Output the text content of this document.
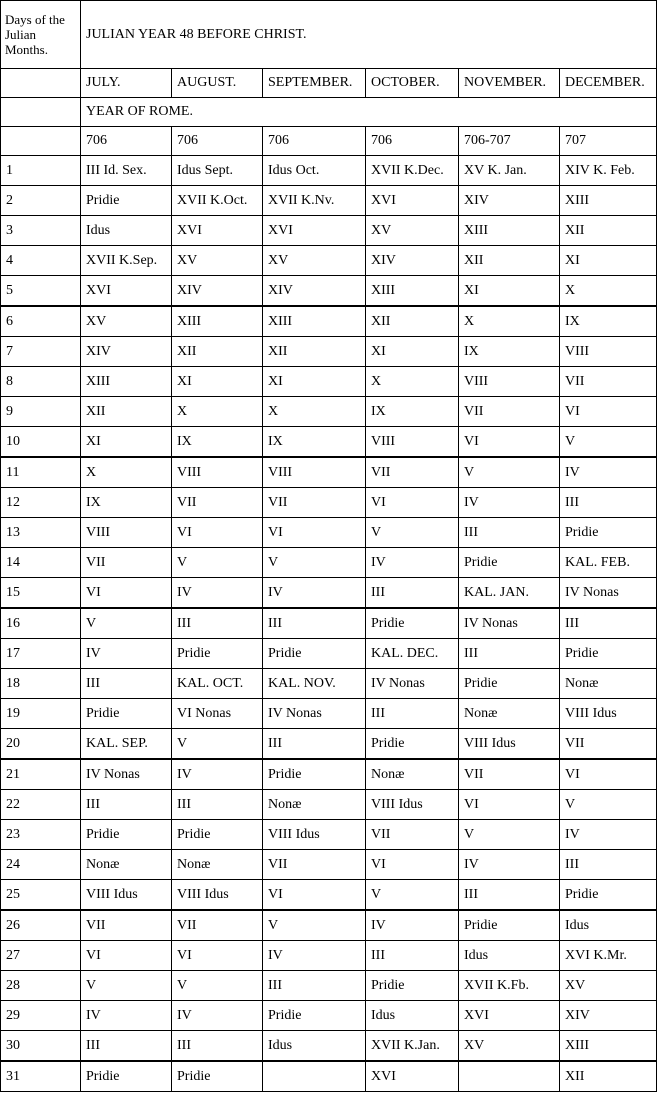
Days of the Julian Months.	JULIAN YEAR 48 BEFORE CHRIST.					
	JULY.	AUGUST.	SEPTEMBER.	OCTOBER.	NOVEMBER.	DECEMBER.
	YEAR OF ROME.					
	706	706	706	706	706-707	707
1	III Id. Sex.	Idus Sept.	Idus Oct.	XVII K.Dec.	XV K. Jan.	XIV K. Feb.
2	Pridie	XVII K.Oct.	XVII K.Nv.	XVI	XIV	XIII
3	Idus	XVI	XVI	XV	XIII	XII
4	XVII K.Sep.	XV	XV	XIV	XII	XI
5	XVI	XIV	XIV	XIII	XI	X
6	XV	XIII	XIII	XII	X	IX
7	XIV	XII	XII	XI	IX	VIII
8	XIII	XI	XI	X	VIII	VII
9	XII	X	X	IX	VII	VI
10	XI	IX	IX	VIII	VI	V
11	X	VIII	VIII	VII	V	IV
12	IX	VII	VII	VI	IV	III
13	VIII	VI	VI	V	III	Pridie
14	VII	V	V	IV	Pridie	KAL. FEB.
15	VI	IV	IV	III	KAL. JAN.	IV Nonas
16	V	III	III	Pridie	IV Nonas	III
17	IV	Pridie	Pridie	KAL. DEC.	III	Pridie
18	III	KAL. OCT.	KAL. NOV.	IV Nonas	Pridie	Nonæ
19	Pridie	VI Nonas	IV Nonas	III	Nonæ	VIII Idus
20	KAL. SEP.	V	III	Pridie	VIII Idus	VII
21	IV Nonas	IV	Pridie	Nonæ	VII	VI
22	III	III	Nonæ	VIII Idus	VI	V
23	Pridie	Pridie	VIII Idus	VII	V	IV
24	Nonæ	Nonæ	VII	VI	IV	III
25	VIII Idus	VIII Idus	VI	V	III	Pridie
26	VII	VII	V	IV	Pridie	Idus
27	VI	VI	IV	III	Idus	XVI K.Mr.
28	V	V	III	Pridie	XVII K.Fb.	XV
29	IV	IV	Pridie	Idus	XVI	XIV
30	III	III	Idus	XVII K.Jan.	XV	XIII
31	Pridie	Pridie		XVI		XII
